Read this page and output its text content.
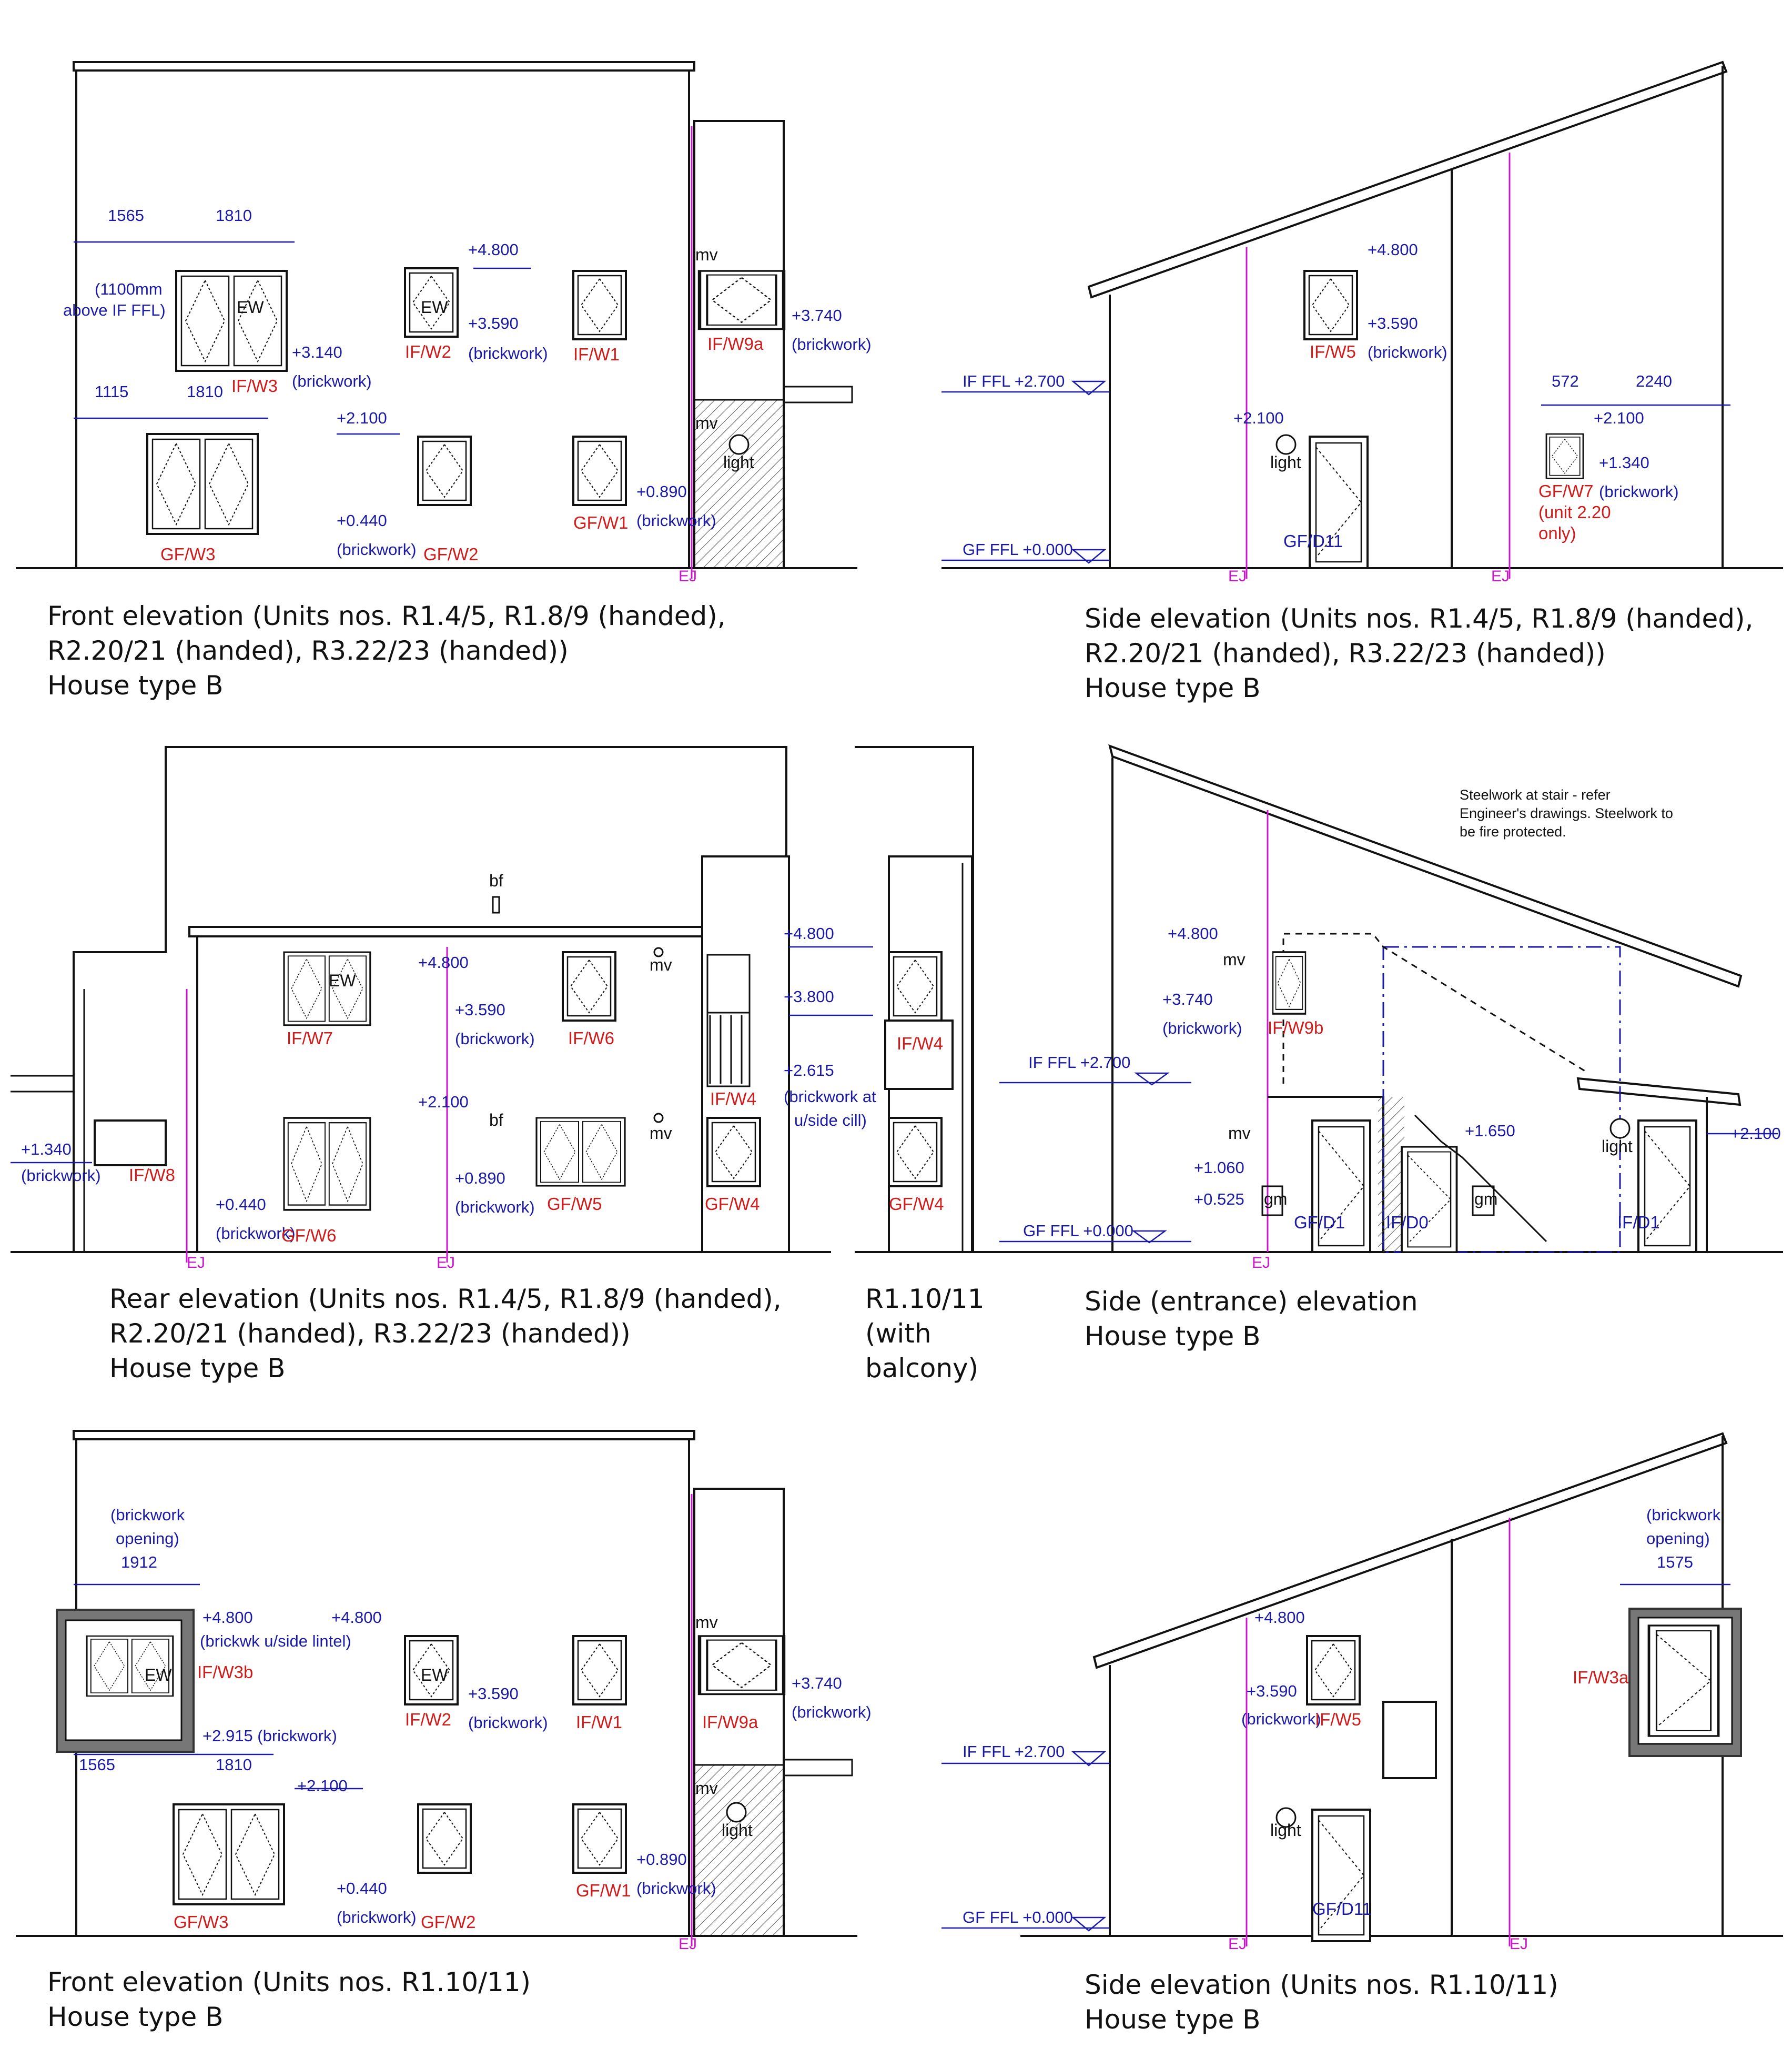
1565	1810
(1100mm
above IF FFL)
1115	1810
+4.800
+3.590
(brickwork)
+3.140
(brickwork)
+2.100
+0.440
(brickwork)
+0.890
(brickwork)
+3.740
(brickwork)
IF/W3
IF/W2	IF/W1
IF/W9a
GF/W3	GF/W2
GF/W1
EW	EW
mv
mv
light
EJ
IF FFL +2.700
GF FFL +0.000
+4.800
+3.590
(brickwork)
+2.100
572	2240
+2.100
+1.340
(brickwork)
IF/W5
GF/W7
(unit 2.20
only)
GF/D11
light
EJ	EJ
+4.800
+3.590
(brickwork)
+2.100
+0.890
(brickwork)
+0.440
(brickwork)
+1.340
(brickwork)
+4.800
+3.800
+2.615
(brickwork at
u/side cill)
IF/W7	IF/W6
IF/W8
GF/W6
GF/W5
IF/W4
GF/W4
bf
bf
mv
mv
EW
EJ	EJ
IF/W4
GF/W4
Steelwork at stair - refer
Engineer's drawings. Steelwork to
be fire protected.
+4.800
+3.740
(brickwork)
IF FFL +2.700
+1.650	+2.100
+1.060
+0.525
GF FFL +0.000
IF/W9b
GF/D1 IF/D0	IF/D1
mv
mv
gm	gm
light
EJ
(brickwork
opening)
1912
+4.800
(brickwk u/side lintel)
+4.800
+2.915 (brickwork)
1565	1810
+2.100
+3.590
(brickwork)
+3.740
(brickwork)
+0.440
(brickwork)
+0.890
(brickwork)
IF/W3b
IF/W2	IF/W1	IF/W9a
GF/W3	GF/W2
GF/W1
EW	EW
mv
mv
light
EJ
+4.800
+3.590
(brickwork)
IF FFL +2.700
GF FFL +0.000
(brickwork
opening)
1575
IF/W5
IF/W3a
GF/D11
light
EJ	EJ
Front elevation (Units nos. R1.4/5, R1.8/9 (handed),
R2.20/21 (handed), R3.22/23 (handed))
House type B
Side elevation (Units nos. R1.4/5, R1.8/9 (handed),
R2.20/21 (handed), R3.22/23 (handed))
House type B
Rear elevation (Units nos. R1.4/5, R1.8/9 (handed),
R2.20/21 (handed), R3.22/23 (handed))
House type B
R1.10/11
(with
balcony)
Side (entrance) elevation
House type B
Front elevation (Units nos. R1.10/11)
House type B
Side elevation (Units nos. R1.10/11)
House type B
